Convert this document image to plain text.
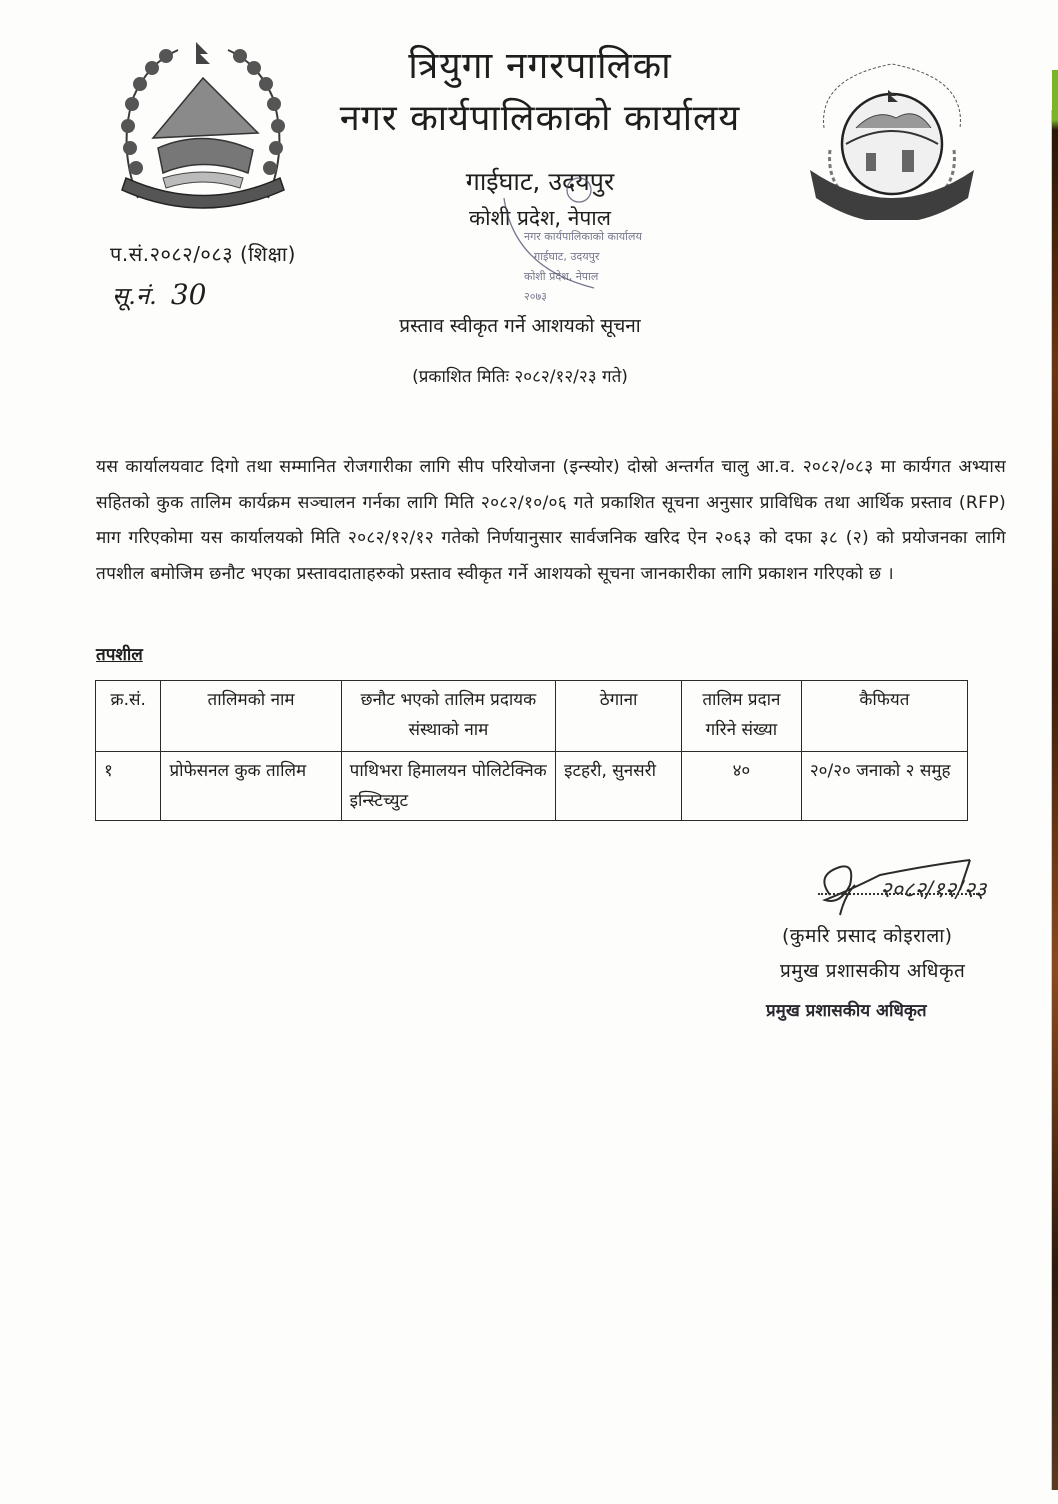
प.सं.२०८२/०८३ (शिक्षा)
सू.नं. 30
त्रियुगा नगरपालिका
नगर कार्यपालिकाको कार्यालय
गाईघाट, उदयपुर
कोशी प्रदेश, नेपाल
नगर कार्यपालिकाको कार्यालय
गाईघाट, उदयपुर
कोशी प्रदेश, नेपाल
२०७३
प्रस्ताव स्वीकृत गर्ने आशयको सूचना
(प्रकाशित मितिः २०८२/१२/२३ गते)
यस कार्यालयवाट दिगो तथा सम्मानित रोजगारीका लागि सीप परियोजना (इन्स्योर) दोस्रो अन्तर्गत चालु आ.व. २०८२/०८३ मा कार्यगत अभ्यास सहितको कुक तालिम कार्यक्रम सञ्चालन गर्नका लागि मिति २०८२/१०/०६ गते प्रकाशित सूचना अनुसार प्राविधिक तथा आर्थिक प्रस्ताव (RFP) माग गरिएकोमा यस कार्यालयको मिति २०८२/१२/१२ गतेको निर्णयानुसार सार्वजनिक खरिद ऐन २०६३ को दफा ३८ (२) को प्रयोजनका लागि तपशील बमोजिम छनौट भएका प्रस्तावदाताहरुको प्रस्ताव स्वीकृत गर्ने आशयको सूचना जानकारीका लागि प्रकाशन गरिएको छ ।
तपशील
क्र.सं.	तालिमको नाम	छनौट भएको तालिम प्रदायक संस्थाको नाम	ठेगाना	तालिम प्रदान गरिने संख्या	कैफियत
१	प्रोफेसनल कुक तालिम	पाथिभरा हिमालयन पोलिटेक्निक इन्स्टिच्युट	इटहरी, सुनसरी	४०	२०/२० जनाको २ समुह
२०८२/१२/२३
(कुमरि प्रसाद कोइराला)
प्रमुख प्रशासकीय अधिकृत
प्रमुख प्रशासकीय अधिकृत
